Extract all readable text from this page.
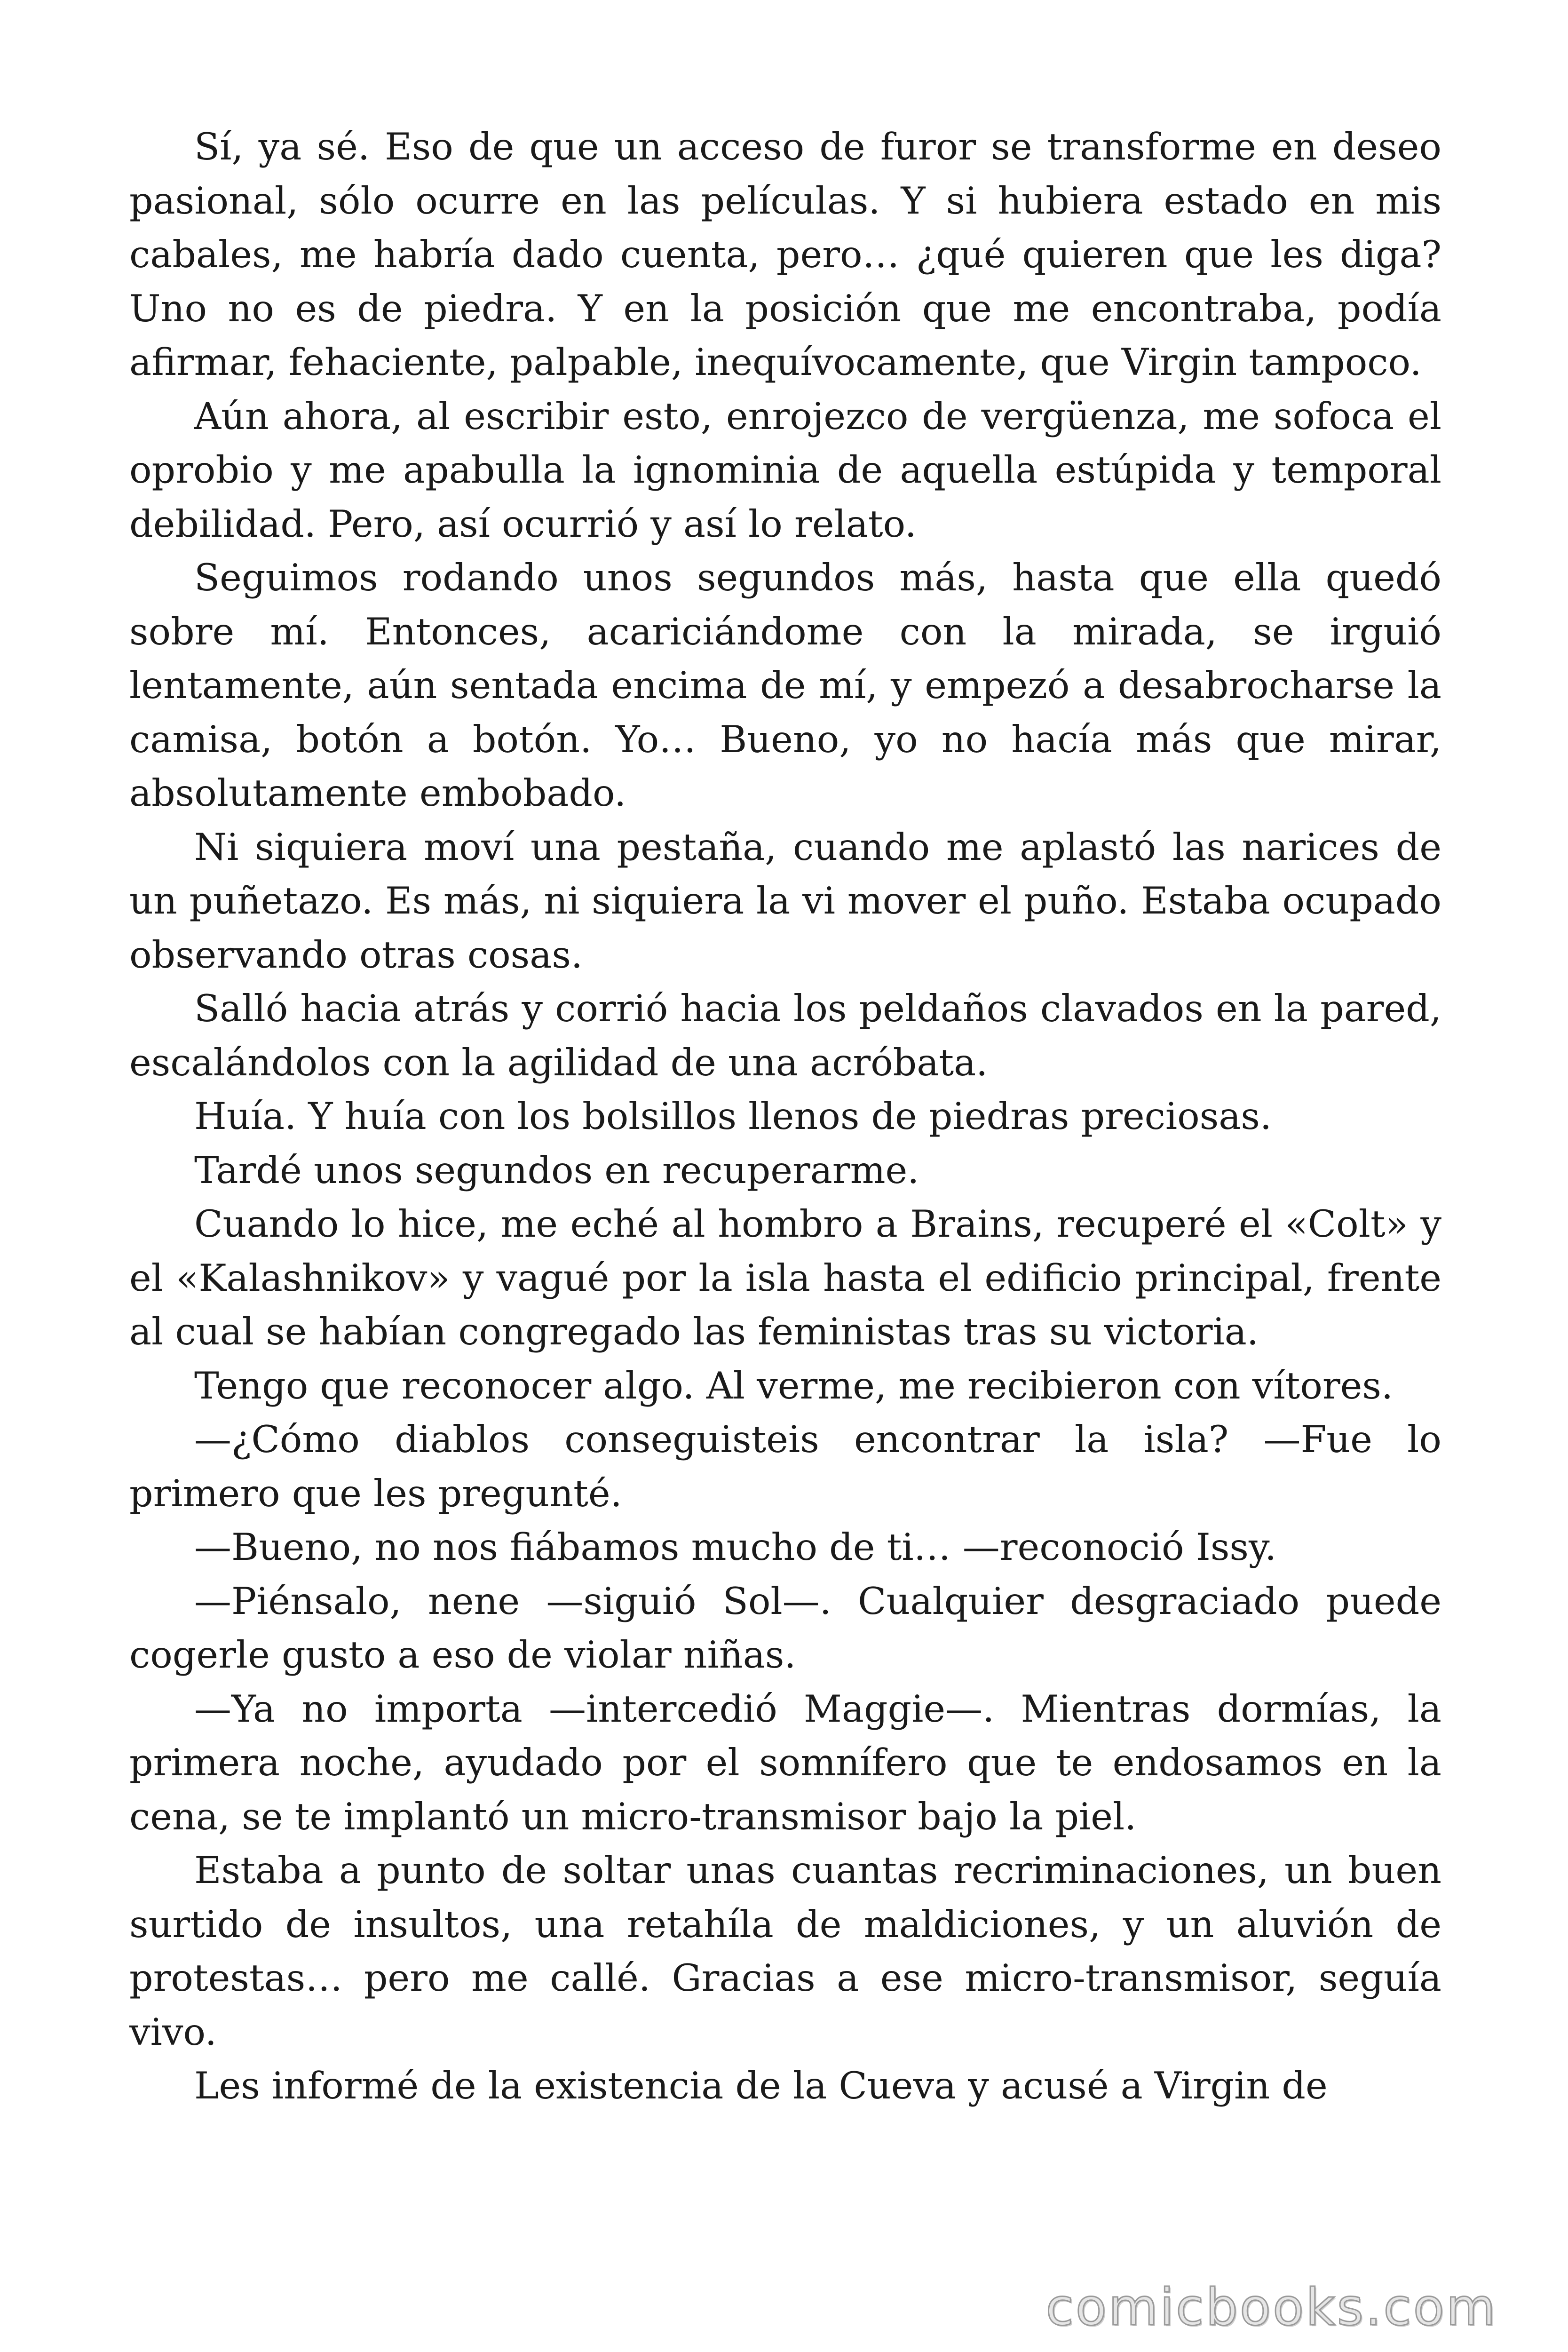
Sí, ya sé. Eso de que un acceso de furor se transforme en deseo pasional, sólo ocurre en las películas. Y si hubiera estado en mis cabales, me habría dado cuenta, pero… ¿qué quieren que les diga? Uno no es de piedra. Y en la posición que me encontraba, podía afirmar, fehaciente, palpable, inequívocamente, que Virgin tampoco.

Aún ahora, al escribir esto, enrojezco de vergüenza, me sofoca el oprobio y me apabulla la ignominia de aquella estúpida y temporal debilidad. Pero, así ocurrió y así lo relato.

Seguimos rodando unos segundos más, hasta que ella quedó sobre mí. Entonces, acariciándome con la mirada, se irguió lentamente, aún sentada encima de mí, y empezó a desabrocharse la camisa, botón a botón. Yo… Bueno, yo no hacía más que mirar, absolutamente embobado.

Ni siquiera moví una pestaña, cuando me aplastó las narices de un puñetazo. Es más, ni siquiera la vi mover el puño. Estaba ocupado observando otras cosas.

Salló hacia atrás y corrió hacia los peldaños clavados en la pared, escalándolos con la agilidad de una acróbata.

Huía. Y huía con los bolsillos llenos de piedras preciosas.

Tardé unos segundos en recuperarme.

Cuando lo hice, me eché al hombro a Brains, recuperé el «Colt» y el «Kalashnikov» y vagué por la isla hasta el edificio principal, frente al cual se habían congregado las feministas tras su victoria.

Tengo que reconocer algo. Al verme, me recibieron con vítores.

—¿Cómo diablos conseguisteis encontrar la isla? —Fue lo primero que les pregunté.

—Bueno, no nos fiábamos mucho de ti… —reconoció Issy.

—Piénsalo, nene —siguió Sol—. Cualquier desgraciado puede cogerle gusto a eso de violar niñas.

—Ya no importa —intercedió Maggie—. Mientras dormías, la primera noche, ayudado por el somnífero que te endosamos en la cena, se te implantó un micro-transmisor bajo la piel.

Estaba a punto de soltar unas cuantas recriminaciones, un buen surtido de insultos, una retahíla de maldiciones, y un aluvión de protestas… pero me callé. Gracias a ese micro-transmisor, seguía vivo.

Les informé de la existencia de la Cueva y acusé a Virgin de

comicbooks.com
